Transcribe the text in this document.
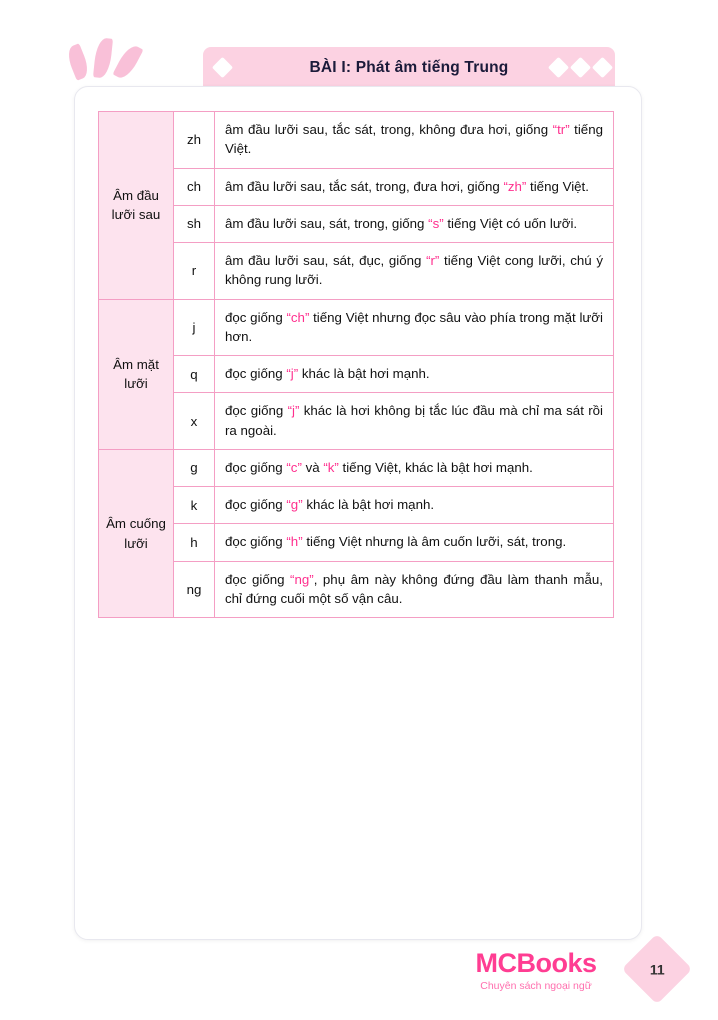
BÀI I: Phát âm tiếng Trung
Âm đầu lưỡi sau	zh	âm đầu lưỡi sau, tắc sát, trong, không đưa hơi, giống “tr” tiếng Việt.
	ch	âm đầu lưỡi sau, tắc sát, trong, đưa hơi, giống “zh” tiếng Việt.
	sh	âm đầu lưỡi sau, sát, trong, giống “s” tiếng Việt có uốn lưỡi.
	r	âm đầu lưỡi sau, sát, đục, giống “r” tiếng Việt cong lưỡi, chú ý không rung lưỡi.
Âm mặt lưỡi	j	đọc giống “ch” tiếng Việt nhưng đọc sâu vào phía trong mặt lưỡi hơn.
	q	đọc giống “j” khác là bật hơi mạnh.
	x	đọc giống “j” khác là hơi không bị tắc lúc đầu mà chỉ ma sát rồi ra ngoài.
Âm cuống lưỡi	g	đọc giống “c” và “k” tiếng Việt, khác là bật hơi mạnh.
	k	đọc giống “g” khác là bật hơi mạnh.
	h	đọc giống “h” tiếng Việt nhưng là âm cuốn lưỡi, sát, trong.
	ng	đọc giống “ng”, phụ âm này không đứng đầu làm thanh mẫu, chỉ đứng cuối một số vận câu.
MCBooks
Chuyên sách ngoại ngữ
11
